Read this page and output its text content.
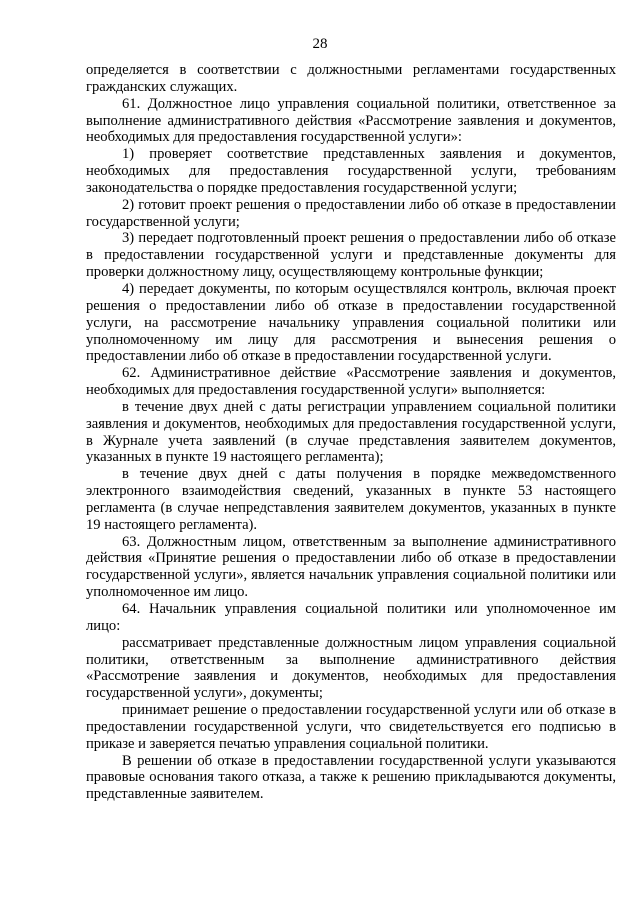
28

определяется в соответствии с должностными регламентами государственных гражданских служащих.

61. Должностное лицо управления социальной политики, ответственное за выполнение административного действия «Рассмотрение заявления и документов, необходимых для предоставления государственной услуги»:

1) проверяет соответствие представленных заявления и документов, необходимых для предоставления государственной услуги, требованиям законодательства о порядке предоставления государственной услуги;

2) готовит проект решения о предоставлении либо об отказе в предоставлении государственной услуги;

3) передает подготовленный проект решения о предоставлении либо об отказе в предоставлении государственной услуги и представленные документы для проверки должностному лицу, осуществляющему контрольные функции;

4) передает документы, по которым осуществлялся контроль, включая проект решения о предоставлении либо об отказе в предоставлении государственной услуги, на рассмотрение начальнику управления социальной политики или уполномоченному им лицу для рассмотрения и вынесения решения о предоставлении либо об отказе в предоставлении государственной услуги.

62. Административное действие «Рассмотрение заявления и документов, необходимых для предоставления государственной услуги» выполняется:

в течение двух дней с даты регистрации управлением социальной политики заявления и документов, необходимых для предоставления государственной услуги, в Журнале учета заявлений (в случае представления заявителем документов, указанных в пункте 19 настоящего регламента);

в течение двух дней с даты получения в порядке межведомственного электронного взаимодействия сведений, указанных в пункте 53 настоящего регламента (в случае непредставления заявителем документов, указанных в пункте 19 настоящего регламента).

63. Должностным лицом, ответственным за выполнение административного действия «Принятие решения о предоставлении либо об отказе в предоставлении государственной услуги», является начальник управления социальной политики или уполномоченное им лицо.

64. Начальник управления социальной политики или уполномоченное им лицо:

рассматривает представленные должностным лицом управления социальной политики, ответственным за выполнение административного действия «Рассмотрение заявления и документов, необходимых для предоставления государственной услуги», документы;

принимает решение о предоставлении государственной услуги или об отказе в предоставлении государственной услуги, что свидетельствуется его подписью в приказе и заверяется печатью управления социальной политики.

В решении об отказе в предоставлении государственной услуги указываются правовые основания такого отказа, а также к решению прикладываются документы, представленные заявителем.
